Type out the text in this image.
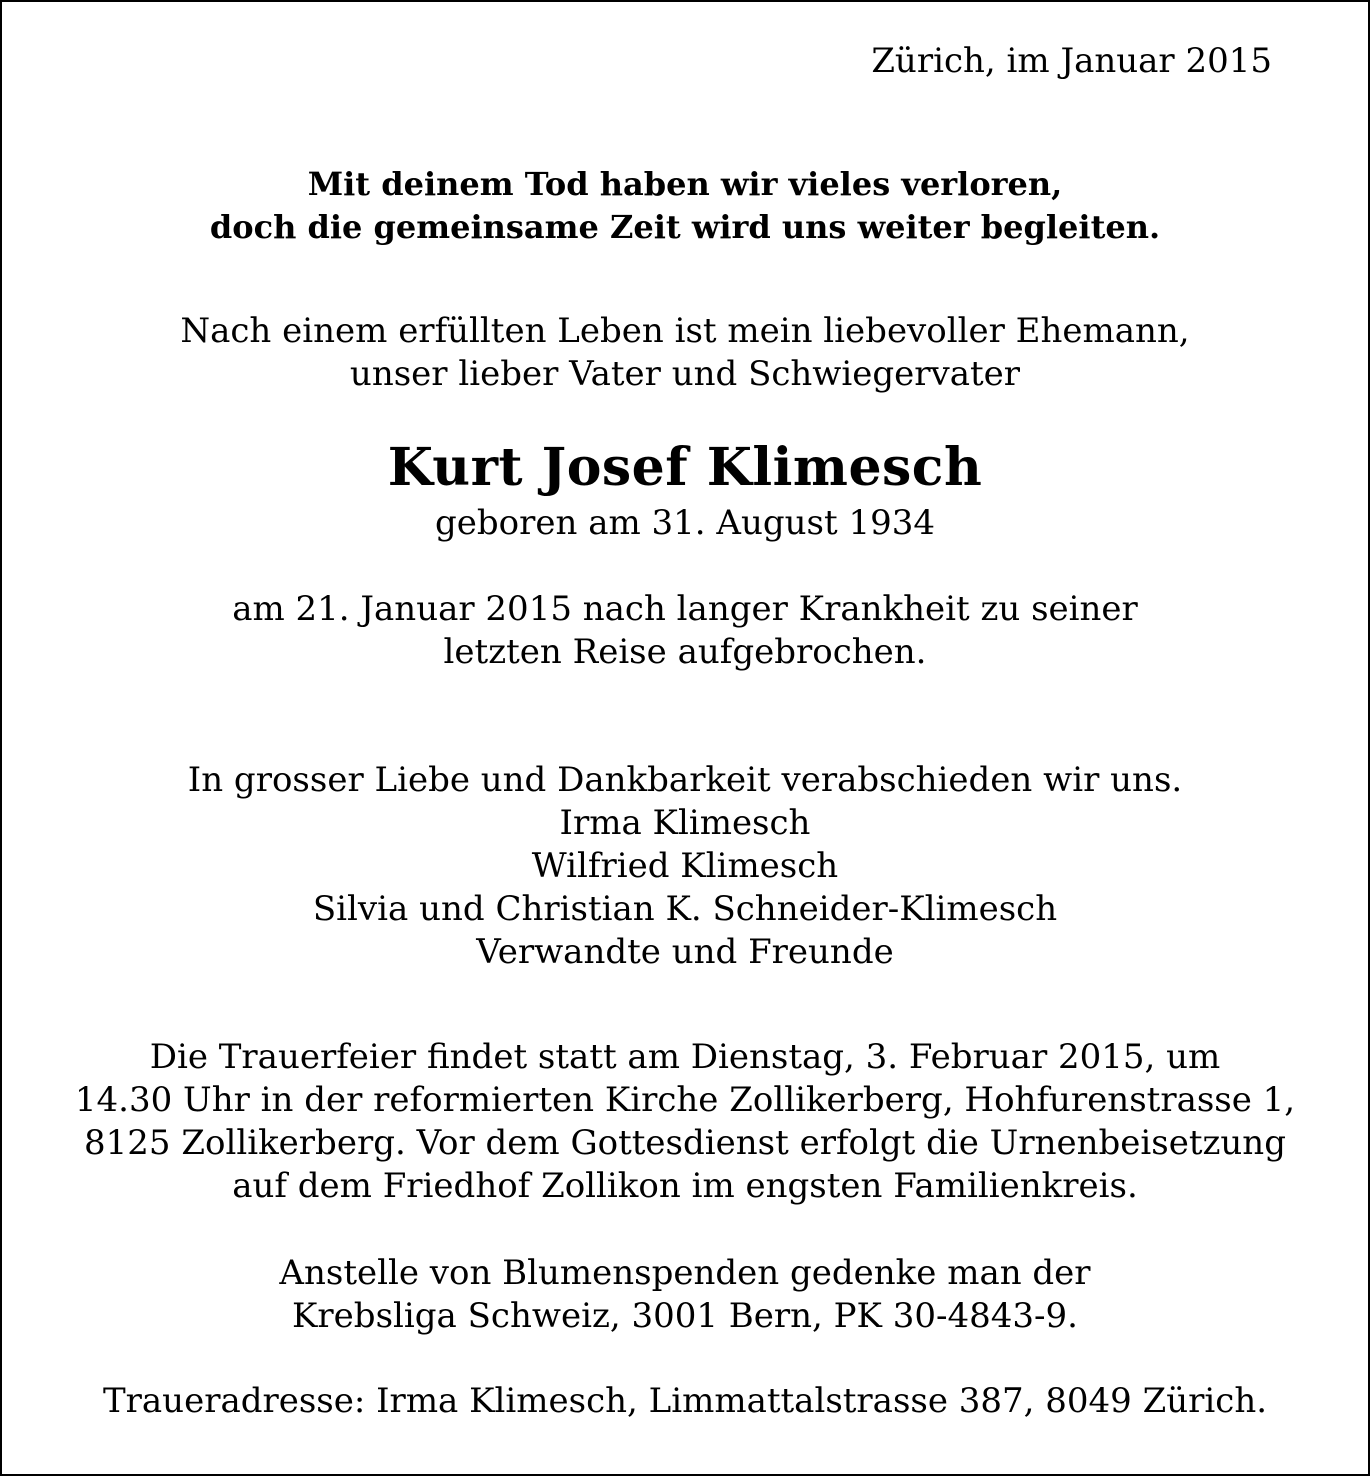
Zürich, im Januar 2015

Mit deinem Tod haben wir vieles verloren,
doch die gemeinsame Zeit wird uns weiter begleiten.

Nach einem erfüllten Leben ist mein liebevoller Ehemann,
unser lieber Vater und Schwiegervater

Kurt Josef Klimesch

geboren am 31. August 1934

am 21. Januar 2015 nach langer Krankheit zu seiner
letzten Reise aufgebrochen.

In grosser Liebe und Dankbarkeit verabschieden wir uns.
Irma Klimesch
Wilfried Klimesch
Silvia und Christian K. Schneider-Klimesch
Verwandte und Freunde

Die Trauerfeier findet statt am Dienstag, 3. Februar 2015, um
14.30 Uhr in der reformierten Kirche Zollikerberg, Hohfurenstrasse 1,
8125 Zollikerberg. Vor dem Gottesdienst erfolgt die Urnenbeisetzung
auf dem Friedhof Zollikon im engsten Familienkreis.

Anstelle von Blumenspenden gedenke man der
Krebsliga Schweiz, 3001 Bern, PK 30-4843-9.

Traueradresse: Irma Klimesch, Limmattalstrasse 387, 8049 Zürich.
